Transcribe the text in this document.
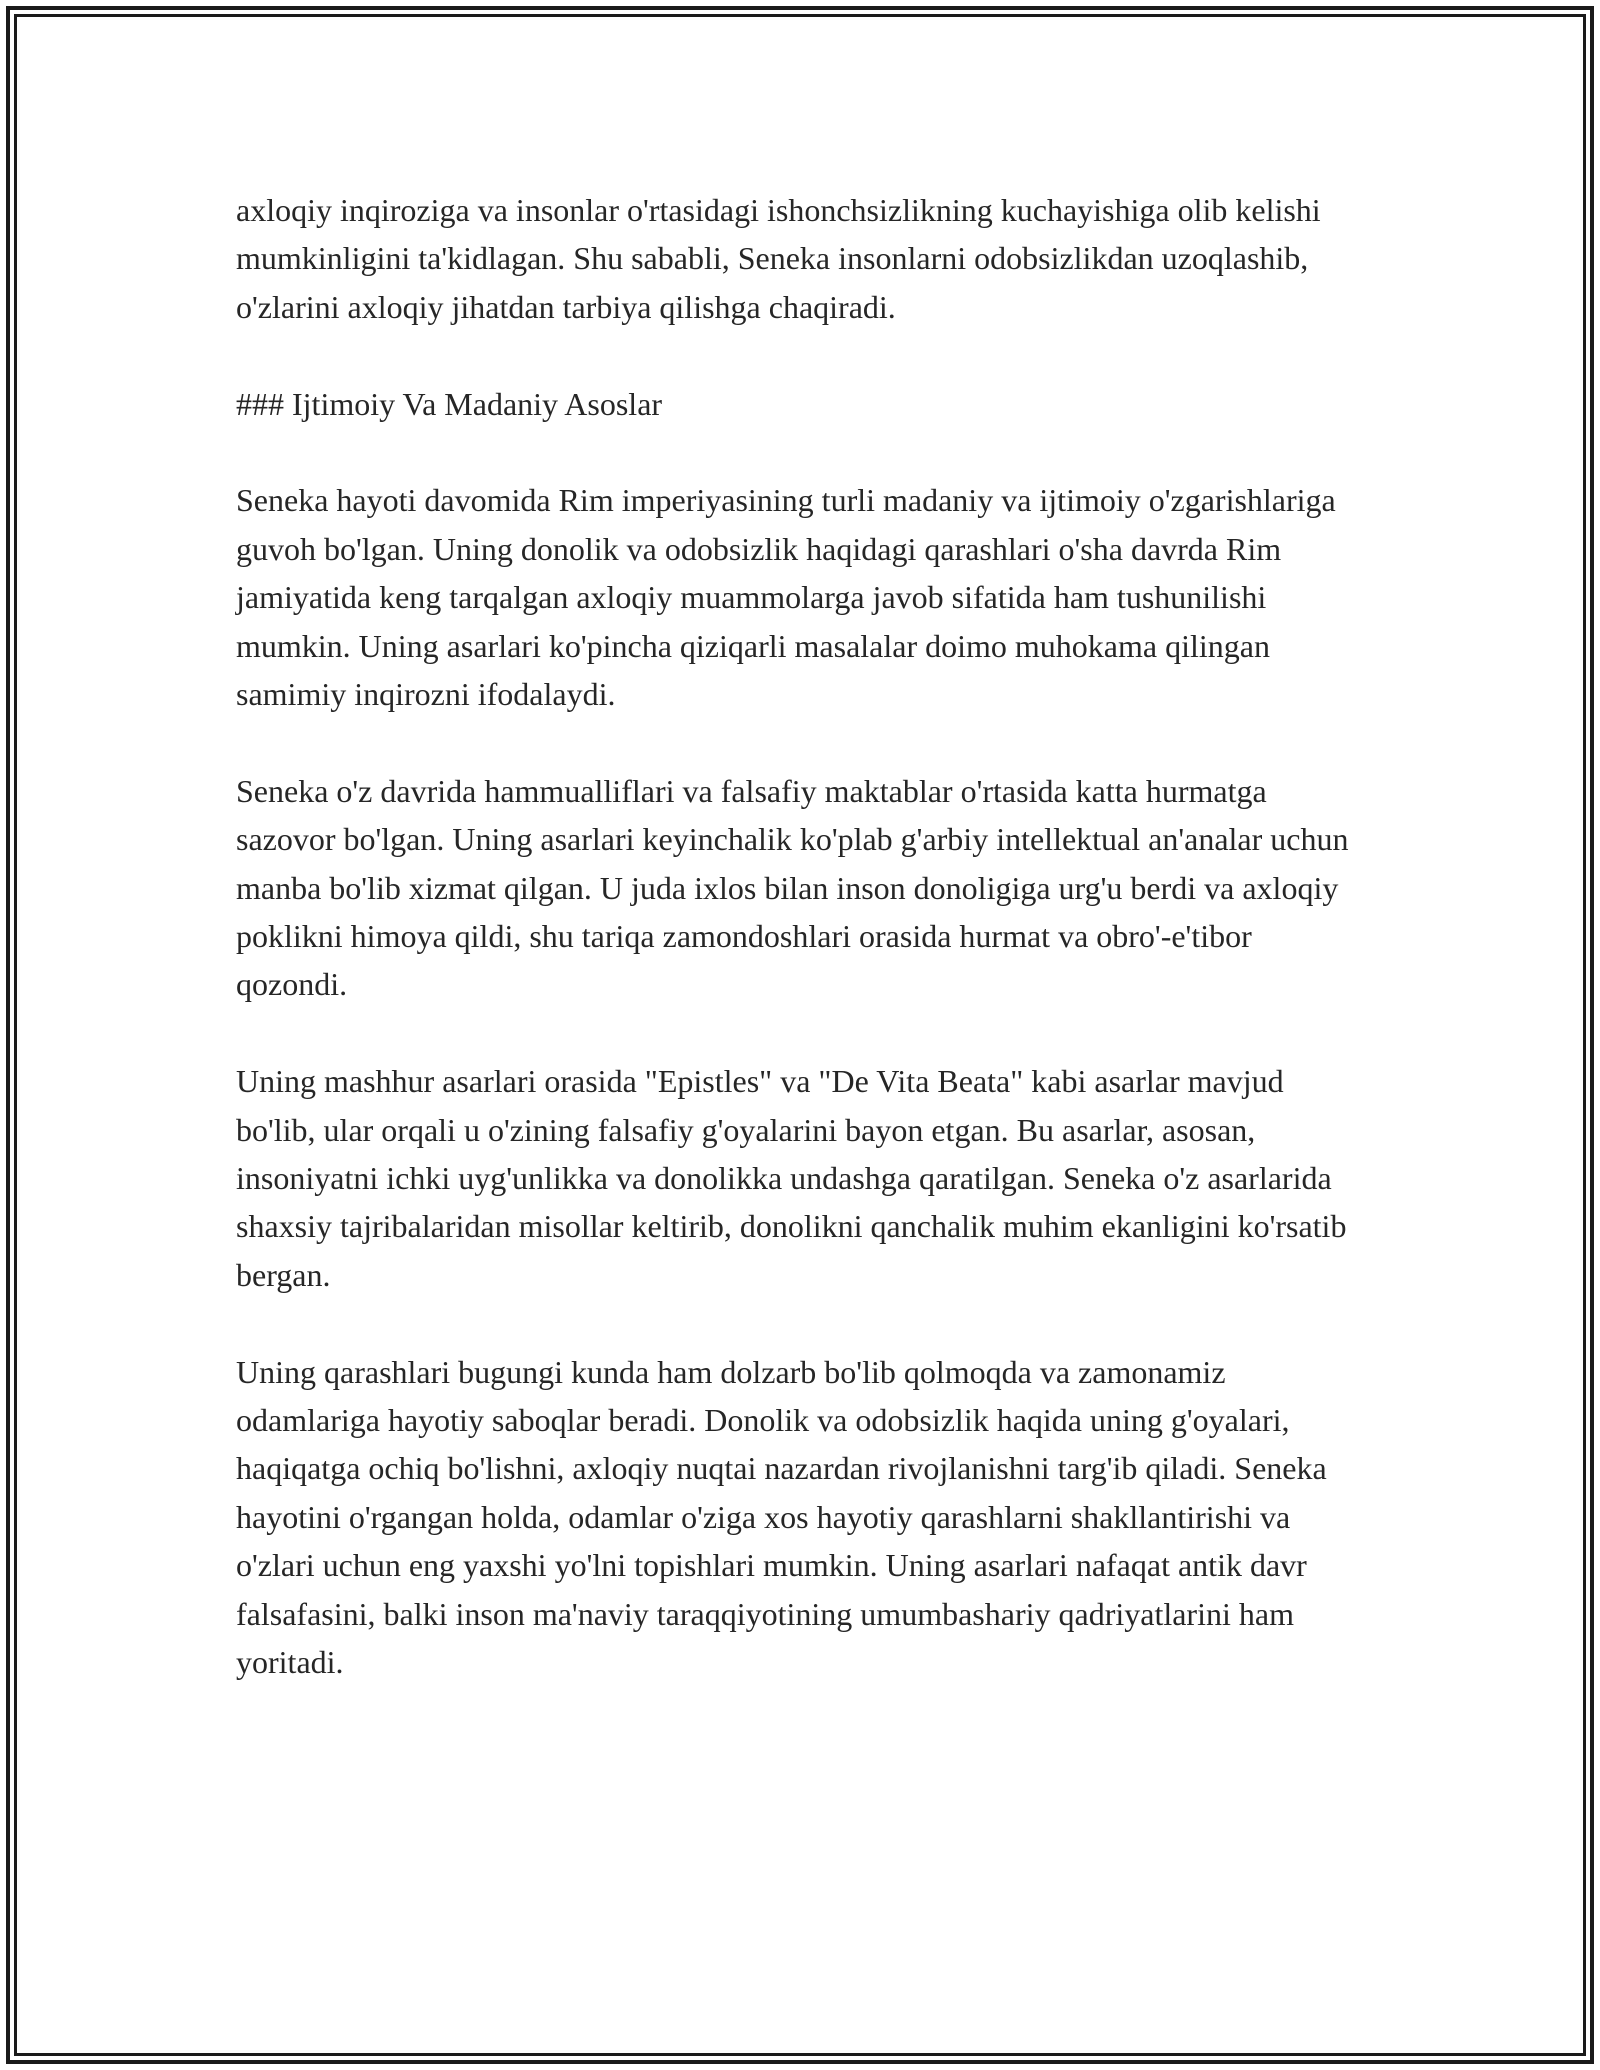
axloqiy inqiroziga va insonlar o'rtasidagi ishonchsizlikning kuchayishiga olib kelishi mumkinligini ta'kidlagan. Shu sababli, Seneka insonlarni odobsizlikdan uzoqlashib, o'zlarini axloqiy jihatdan tarbiya qilishga chaqiradi.

### Ijtimoiy Va Madaniy Asoslar

Seneka hayoti davomida Rim imperiyasining turli madaniy va ijtimoiy o'zgarishlariga guvoh bo'lgan. Uning donolik va odobsizlik haqidagi qarashlari o'sha davrda Rim jamiyatida keng tarqalgan axloqiy muammolarga javob sifatida ham tushunilishi mumkin. Uning asarlari ko'pincha qiziqarli masalalar doimo muhokama qilingan samimiy inqirozni ifodalaydi.

Seneka o'z davrida hammualliflari va falsafiy maktablar o'rtasida katta hurmatga sazovor bo'lgan. Uning asarlari keyinchalik ko'plab g'arbiy intellektual an'analar uchun manba bo'lib xizmat qilgan. U juda ixlos bilan inson donoligiga urg'u berdi va axloqiy poklikni himoya qildi, shu tariqa zamondoshlari orasida hurmat va obro'-e'tibor qozondi.

Uning mashhur asarlari orasida "Epistles" va "De Vita Beata" kabi asarlar mavjud bo'lib, ular orqali u o'zining falsafiy g'oyalarini bayon etgan. Bu asarlar, asosan, insoniyatni ichki uyg'unlikka va donolikka undashga qaratilgan. Seneka o'z asarlarida shaxsiy tajribalaridan misollar keltirib, donolikni qanchalik muhim ekanligini ko'rsatib bergan.

Uning qarashlari bugungi kunda ham dolzarb bo'lib qolmoqda va zamonamiz odamlariga hayotiy saboqlar beradi. Donolik va odobsizlik haqida uning g'oyalari, haqiqatga ochiq bo'lishni, axloqiy nuqtai nazardan rivojlanishni targ'ib qiladi. Seneka hayotini o'rgangan holda, odamlar o'ziga xos hayotiy qarashlarni shakllantirishi va o'zlari uchun eng yaxshi yo'lni topishlari mumkin. Uning asarlari nafaqat antik davr falsafasini, balki inson ma'naviy taraqqiyotining umumbashariy qadriyatlarini ham yoritadi.
